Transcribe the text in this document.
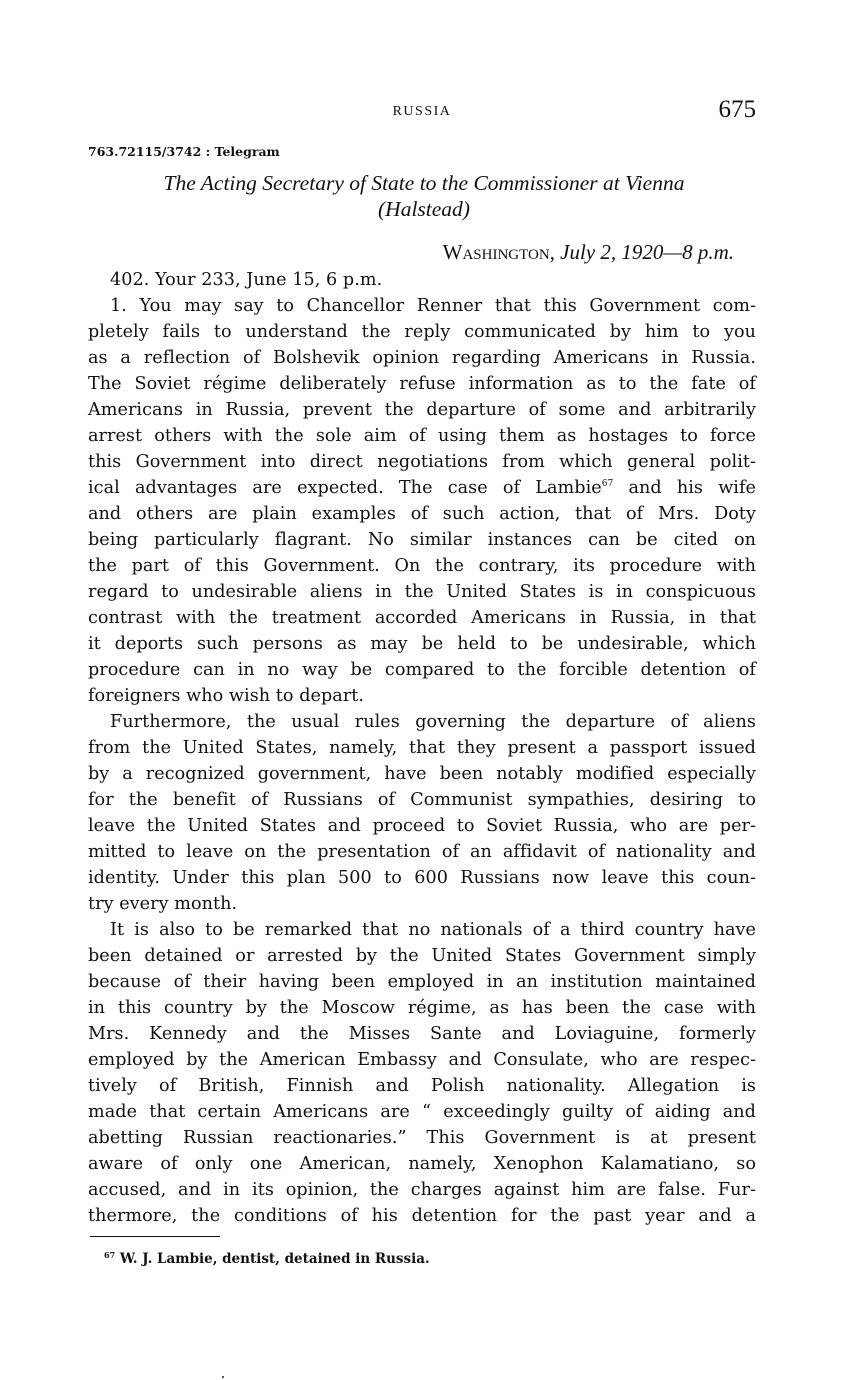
RUSSIA	675
763.72115/3742 : Telegram
The Acting Secretary of State to the Commissioner at Vienna
(Halstead)
Washington, July 2, 1920—8 p.m.
402. Your 233, June 15, 6 p.m.
1. You may say to Chancellor Renner that this Government com-
pletely fails to understand the reply communicated by him to you
as a reflection of Bolshevik opinion regarding Americans in Russia.
The Soviet régime deliberately refuse information as to the fate of
Americans in Russia, prevent the departure of some and arbitrarily
arrest others with the sole aim of using them as hostages to force
this Government into direct negotiations from which general polit-
ical advantages are expected. The case of Lambie$^{67}$ and his wife
and others are plain examples of such action, that of Mrs. Doty
being particularly flagrant. No similar instances can be cited on
the part of this Government. On the contrary, its procedure with
regard to undesirable aliens in the United States is in conspicuous
contrast with the treatment accorded Americans in Russia, in that
it deports such persons as may be held to be undesirable, which
procedure can in no way be compared to the forcible detention of
foreigners who wish to depart.
Furthermore, the usual rules governing the departure of aliens
from the United States, namely, that they present a passport issued
by a recognized government, have been notably modified especially
for the benefit of Russians of Communist sympathies, desiring to
leave the United States and proceed to Soviet Russia, who are per-
mitted to leave on the presentation of an affidavit of nationality and
identity. Under this plan 500 to 600 Russians now leave this coun-
try every month.
It is also to be remarked that no nationals of a third country have
been detained or arrested by the United States Government simply
because of their having been employed in an institution maintained
in this country by the Moscow régime, as has been the case with
Mrs. Kennedy and the Misses Sante and Loviaguine, formerly
employed by the American Embassy and Consulate, who are respec-
tively of British, Finnish and Polish nationality. Allegation is
made that certain Americans are “ exceedingly guilty of aiding and
abetting Russian reactionaries.” This Government is at present
aware of only one American, namely, Xenophon Kalamatiano, so
accused, and in its opinion, the charges against him are false. Fur-
thermore, the conditions of his detention for the past year and a
$^{67}$ W. J. Lambie, dentist, detained in Russia.
